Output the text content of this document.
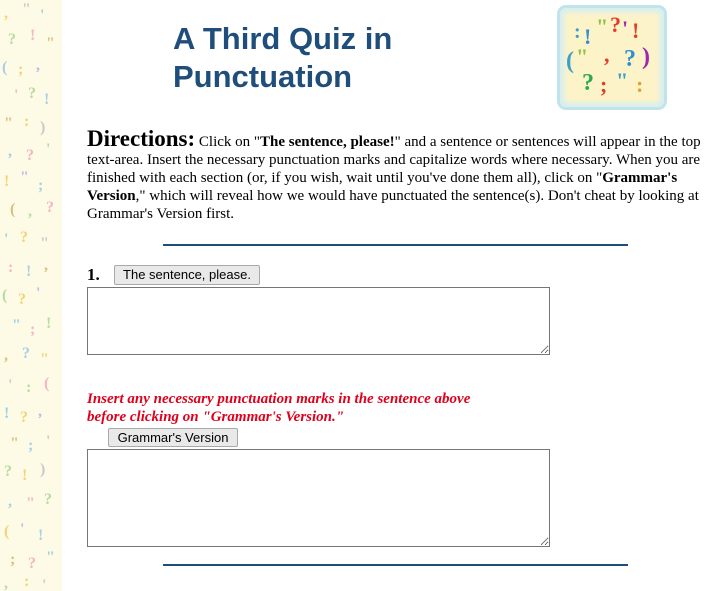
, " '
? ! "
( ; ,
' ? !
" : )
, ? '
! " ;
( , ?
' ? "
: ! ,
( ? '
" ; !
, ? "
' : (
! ? ,
" ; '
? ! )
, " ?
( ' !
; ? "
, : '
A Third Quiz in
Punctuation
: ! " ? ' !
( " , ? )
? ; " :

Directions: Click on "The sentence, please!" and a sentence or sentences will appear in the top text-area. Insert the necessary punctuation marks and capitalize words where necessary. When you are finished with each section (or, if you wish, wait until you've done them all), click on "Grammar's Version," which will reveal how we would have punctuated the sentence(s). Don't cheat by looking at Grammar's Version first.

1.	The sentence, please.

Insert any necessary punctuation marks in the sentence above
before clicking on "Grammar's Version."

Grammar's Version
